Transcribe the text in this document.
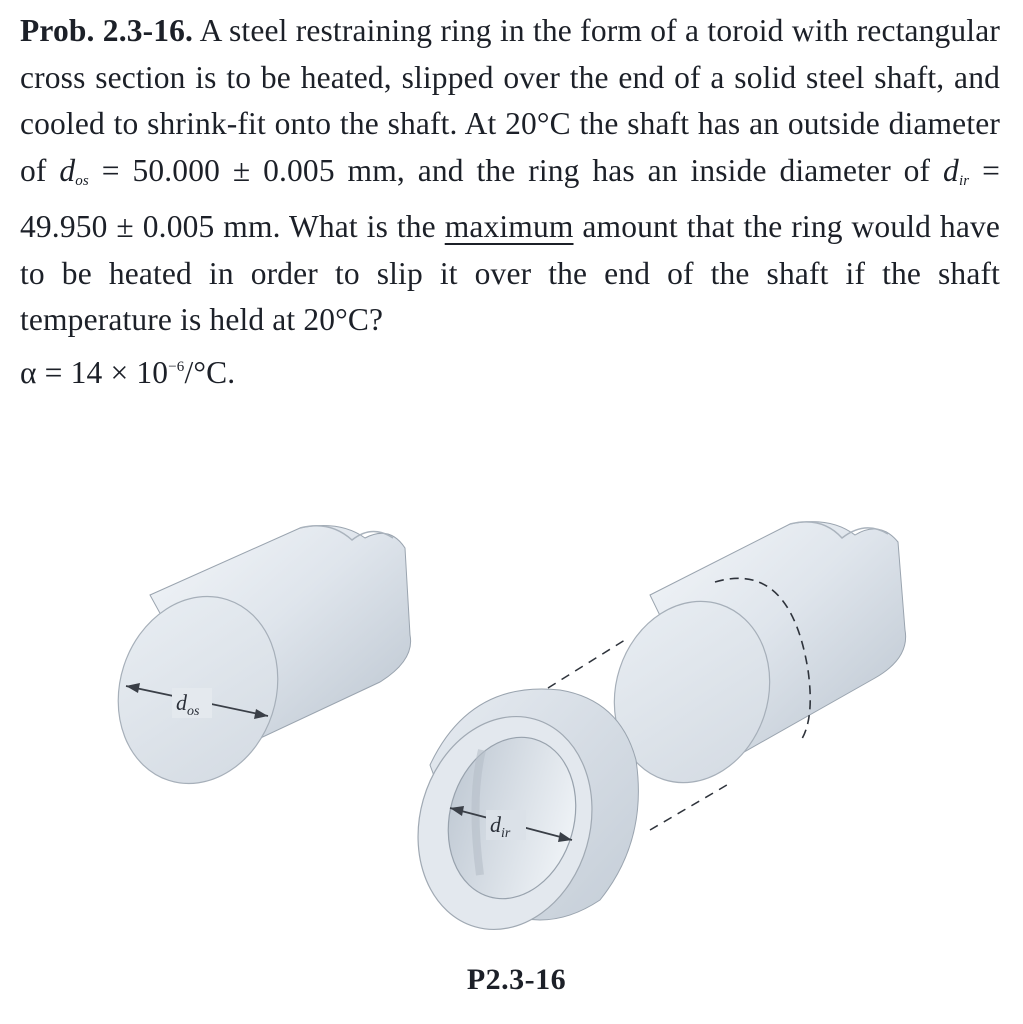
Prob. 2.3-16. A steel restraining ring in the form of a toroid with rectangular cross section is to be heated, slipped over the end of a solid steel shaft, and cooled to shrink-fit onto the shaft. At 20°C the shaft has an outside diameter of $d_{os} = 50.000 \pm 0.005$ mm, and the ring has an inside diameter of $d_{ir} = 49.950 \pm 0.005$ mm. What is the maximum amount that the ring would have to be heated in order to slip it over the end of the shaft if the shaft temperature is held at 20°C?
$\alpha = 14 \times 10^{-6}/^\circ C$.
$d_{os}$
$d_{ir}$
P2.3-16
